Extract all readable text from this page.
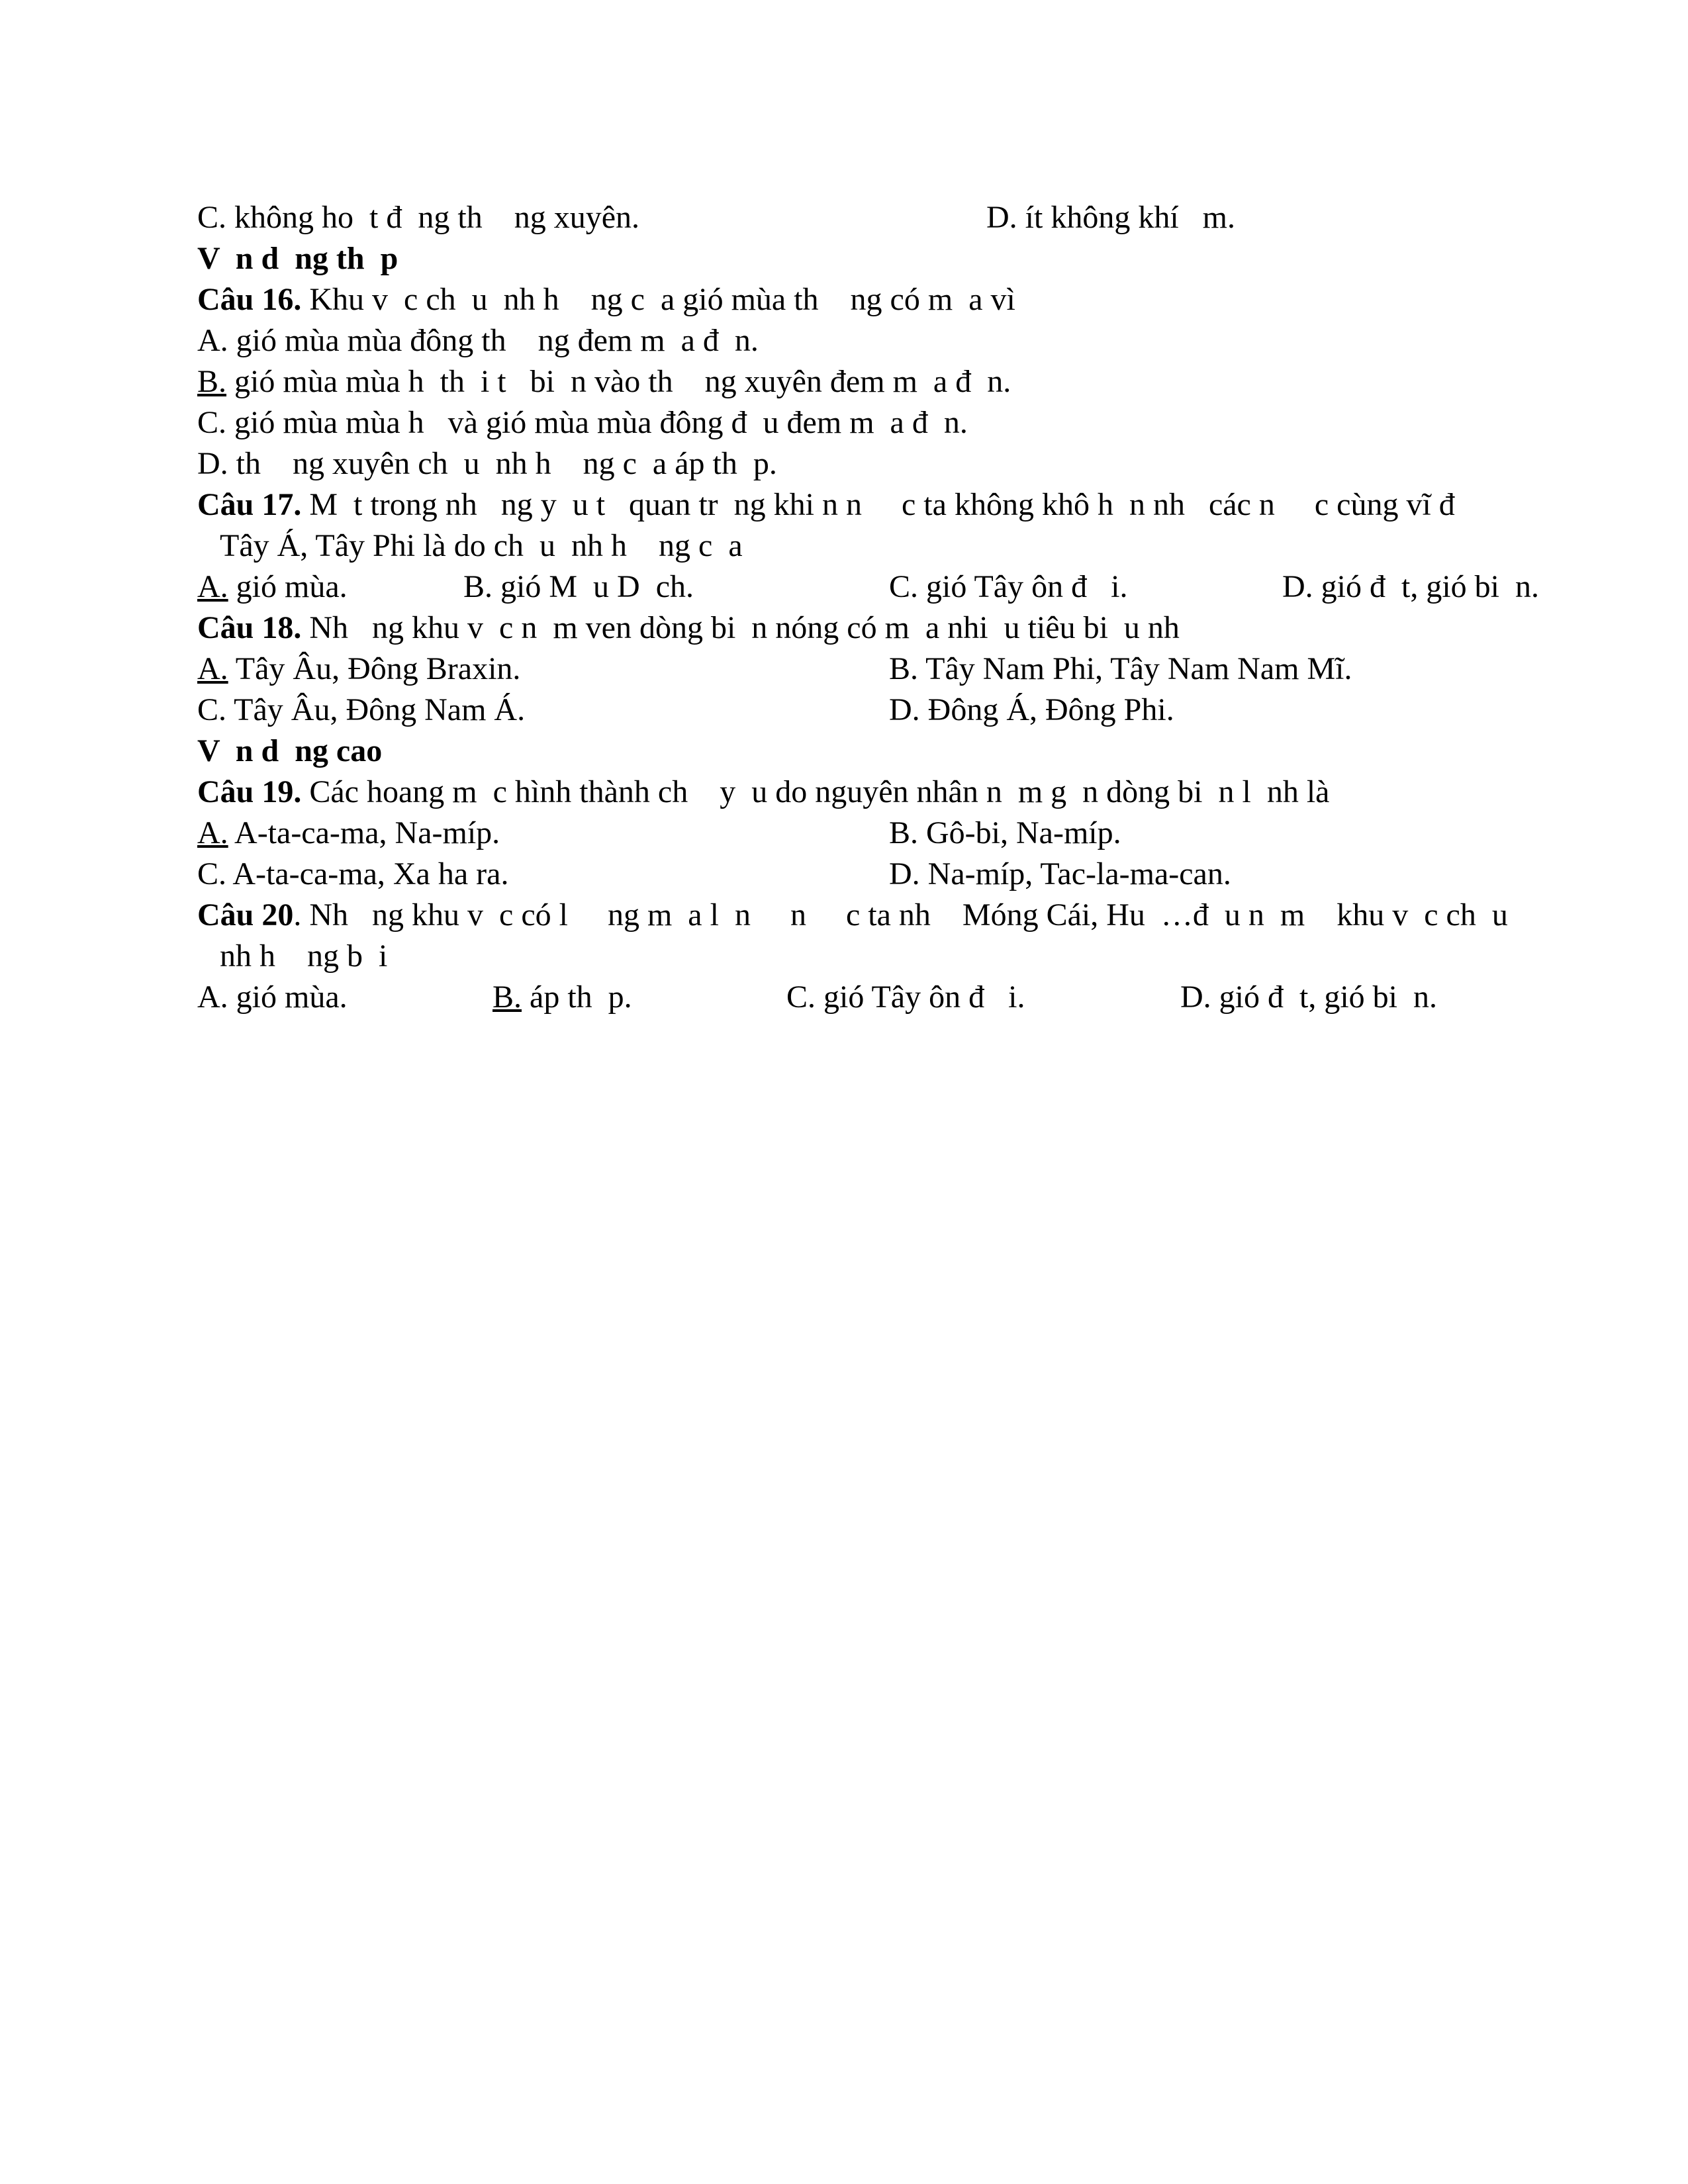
C. không ho  t đ  ng th    ng xuyên.	D. ít không khí   m.
V  n d  ng th  p
Câu 16. Khu v  c ch  u  nh h    ng c  a gió mùa th    ng có m  a vì
A. gió mùa mùa đông th    ng đem m  a đ  n.
B. gió mùa mùa h  th  i t   bi  n vào th    ng xuyên đem m  a đ  n.
C. gió mùa mùa h   và gió mùa mùa đông đ  u đem m  a đ  n.
D. th    ng xuyên ch  u  nh h    ng c  a áp th  p.
Câu 17. M  t trong nh   ng y  u t   quan tr  ng khi n n     c ta không khô h  n nh   các n     c cùng vĩ đ
Tây Á, Tây Phi là do ch  u  nh h    ng c  a
A. gió mùa.	B. gió M  u D  ch.	C. gió Tây ôn đ   i.	D. gió đ  t, gió bi  n.
Câu 18. Nh   ng khu v  c n  m ven dòng bi  n nóng có m  a nhi  u tiêu bi  u nh
A. Tây Âu, Đông Braxin.	B. Tây Nam Phi, Tây Nam Nam Mĩ.
C. Tây Âu, Đông Nam Á.	D. Đông Á, Đông Phi.
V  n d  ng cao
Câu 19. Các hoang m  c hình thành ch    y  u do nguyên nhân n  m g  n dòng bi  n l  nh là
A. A-ta-ca-ma, Na-míp.	B. Gô-bi, Na-míp.
C. A-ta-ca-ma, Xa ha ra.	D. Na-míp, Tac-la-ma-can.
Câu 20. Nh   ng khu v  c có l     ng m  a l  n     n     c ta nh    Móng Cái, Hu  …đ  u n  m    khu v  c ch  u
nh h    ng b  i
A. gió mùa.	B. áp th  p.	C. gió Tây ôn đ   i.	D. gió đ  t, gió bi  n.
